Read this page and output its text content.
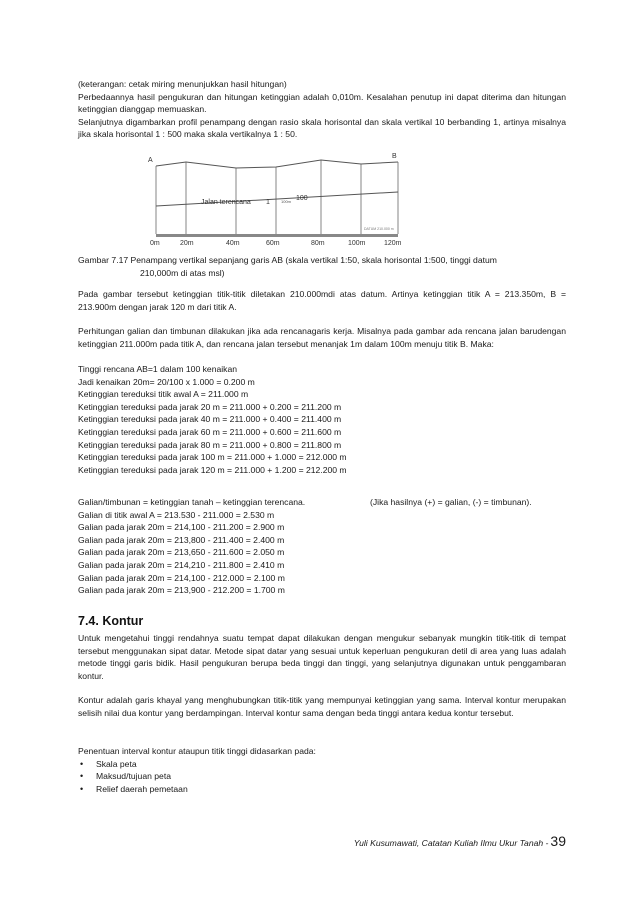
(keterangan: cetak miring menunjukkan hasil hitungan)

Perbedaannya hasil pengukuran dan hitungan ketinggian adalah 0,010m. Kesalahan penutup ini dapat diterima dan hitungan ketinggian dianggap memuaskan.

Selanjutnya digambarkan profil penampang dengan rasio skala horisontal dan skala vertikal 10 berbanding 1, artinya misalnya jika skala horisontal 1 : 500 maka skala vertikalnya 1 : 50.

A
B
Jalan terencana 1	100m 100
DATUM 210.000 m
0m	20m	40m	60m	80m	100m	120m

Gambar 7.17 Penampang vertikal sepanjang garis AB (skala vertikal 1:50, skala horisontal 1:500, tinggi datum

210,000m di atas msl)

Pada gambar tersebut ketinggian titik-titik diletakan 210.000mdi atas datum. Artinya ketinggian titik A = 213.350m, B = 213.900m dengan jarak 120 m dari titik A.

Perhitungan galian dan timbunan dilakukan jika ada rencanagaris kerja. Misalnya pada gambar ada rencana jalan barudengan ketinggian 211.000m pada titik A, dan rencana jalan tersebut menanjak 1m dalam 100m menuju titik B. Maka:

Tinggi rencana AB=1 dalam 100 kenaikan
Jadi kenaikan 20m= 20/100 x 1.000 = 0.200 m
Ketinggian tereduksi titik awal A = 211.000 m
Ketinggian tereduksi pada jarak 20 m = 211.000 + 0.200 = 211.200 m
Ketinggian tereduksi pada jarak 40 m = 211.000 + 0.400 = 211.400 m
Ketinggian tereduksi pada jarak 60 m = 211.000 + 0.600 = 211.600 m
Ketinggian tereduksi pada jarak 80 m = 211.000 + 0.800 = 211.800 m
Ketinggian tereduksi pada jarak 100 m = 211.000 + 1.000 = 212.000 m
Ketinggian tereduksi pada jarak 120 m = 211.000 + 1.200 = 212.200 m
Galian/timbunan = ketinggian tanah – ketinggian terencana.	(Jika hasilnya (+) = galian, (-) = timbunan).
Galian di titik awal A = 213.530 - 211.000 = 2.530 m
Galian pada jarak 20m = 214,100 - 211.200 = 2.900 m
Galian pada jarak 20m = 213,800 - 211.400 = 2.400 m
Galian pada jarak 20m = 213,650 - 211.600 = 2.050 m
Galian pada jarak 20m = 214,210 - 211.800 = 2.410 m
Galian pada jarak 20m = 214,100 - 212.000 = 2.100 m
Galian pada jarak 20m = 213,900 - 212.200 = 1.700 m
7.4. Kontur

Untuk mengetahui tinggi rendahnya suatu tempat dapat dilakukan dengan mengukur sebanyak mungkin titik-titik di tempat tersebut menggunakan sipat datar. Metode sipat datar yang sesuai untuk keperluan pengukuran detil di area yang luas adalah metode tinggi garis bidik. Hasil pengukuran berupa beda tinggi dan tinggi, yang selanjutnya digunakan untuk penggambaran kontur.

Kontur adalah garis khayal yang menghubungkan titik-titik yang mempunyai ketinggian yang sama. Interval kontur merupakan selisih nilai dua kontur yang berdampingan. Interval kontur sama dengan beda tinggi antara kedua kontur tersebut.

Penentuan interval kontur ataupun titik tinggi didasarkan pada:

• Skala peta
• Maksud/tujuan peta
• Relief daerah pemetaan
Yuli Kusumawati, Catatan Kuliah Ilmu Ukur Tanah - 39
